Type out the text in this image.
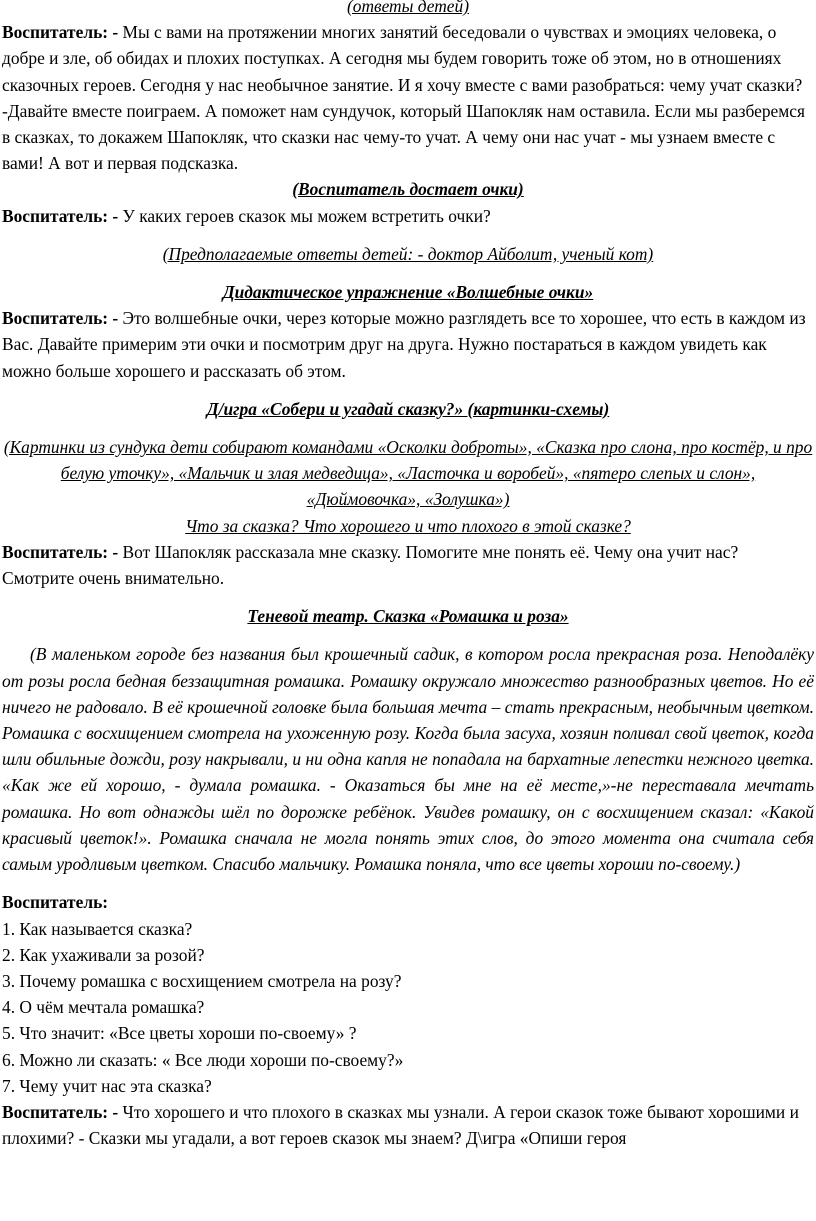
(ответы детей)

Воспитатель: - Мы с вами на протяжении многих занятий беседовали о чувствах и эмоциях человека, о добре и зле, об обидах и плохих поступках. А сегодня мы будем говорить тоже об этом, но в отношениях сказочных героев. Сегодня у нас необычное занятие. И я хочу вместе с вами разобраться: чему учат сказки?

-Давайте вместе поиграем. А поможет нам сундучок, который Шапокляк нам оставила. Если мы разберемся в сказках, то докажем Шапокляк, что сказки нас чему-то учат. А чему они нас учат - мы узнаем вместе с вами! А вот и первая подсказка.

(Воспитатель достает очки)

Воспитатель: - У каких героев сказок мы можем встретить очки?

(Предполагаемые ответы детей: - доктор Айболит, ученый кот)

Дидактическое упражнение «Волшебные очки»

Воспитатель: - Это волшебные очки, через которые можно разглядеть все то хорошее, что есть в каждом из Вас. Давайте примерим эти очки и посмотрим друг на друга. Нужно постараться в каждом увидеть как можно больше хорошего и рассказать об этом.

Д/игра «Собери и угадай сказку?» (картинки-схемы)

(Картинки из сундука дети собирают командами «Осколки доброты», «Сказка про слона, про костёр, и про белую уточку», «Мальчик и злая медведица», «Ласточка и воробей», «пятеро слепых и слон», «Дюймовочка», «Золушка»)

Что за сказка? Что хорошего и что плохого в этой сказке?

Воспитатель: - Вот Шапокляк рассказала мне сказку. Помогите мне понять её. Чему она учит нас? Смотрите очень внимательно.

Теневой театр. Сказка «Ромашка и роза»

(В маленьком городе без названия был крошечный садик, в котором росла прекрасная роза. Неподалёку от розы росла бедная беззащитная ромашка. Ромашку окружало множество разнообразных цветов. Но её ничего не радовало. В её крошечной головке была большая мечта – стать прекрасным, необычным цветком. Ромашка с восхищением смотрела на ухоженную розу. Когда была засуха, хозяин поливал свой цветок, когда шли обильные дожди, розу накрывали, и ни одна капля не попадала на бархатные лепестки нежного цветка. «Как же ей хорошо, - думала ромашка. - Оказаться бы мне на её месте,»-не переставала мечтать ромашка. Но вот однажды шёл по дорожке ребёнок. Увидев ромашку, он с восхищением сказал: «Какой красивый цветок!». Ромашка сначала не могла понять этих слов, до этого момента она считала себя самым уродливым цветком. Спасибо мальчику. Ромашка поняла, что все цветы хороши по-своему.)

Воспитатель:

1. Как называется сказка?

2. Как ухаживали за розой?

3. Почему ромашка с восхищением смотрела на розу?

4. О чём мечтала ромашка?

5. Что значит: «Все цветы хороши по-своему» ?

6. Можно ли сказать: « Все люди хороши по-своему?»

7. Чему учит нас эта сказка?

Воспитатель: - Что хорошего и что плохого в сказках мы узнали. А герои сказок тоже бывают хорошими и плохими? - Сказки мы угадали, а вот героев сказок мы знаем? Д\игра «Опиши героя
